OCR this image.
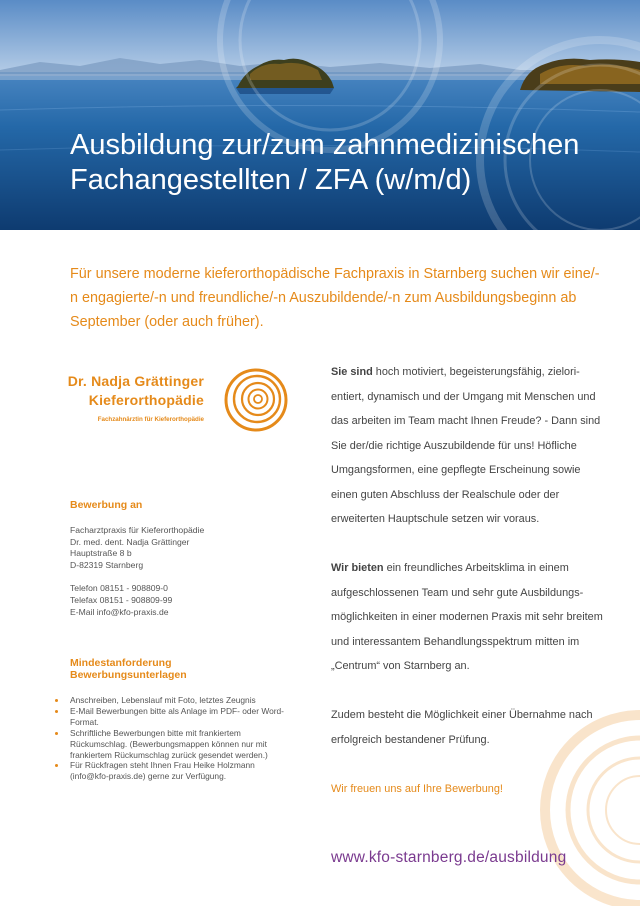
Ausbildung zur/zum zahnmedizinischen
Fachangestellten / ZFA (w/m/d)

Für unsere moderne kieferorthopädische Fachpraxis in Starnberg suchen wir eine/-n engagierte/-n und freundliche/-n Auszubildende/-n zum Ausbildungsbeginn ab September (oder auch früher).

Dr. Nadja Grättinger
Kieferorthopädie
Fachzahnärztin für Kieferorthopädie
Bewerbung an
Facharztpraxis für Kieferorthopädie
Dr. med. dent. Nadja Grättinger
Hauptstraße 8 b
D-82319 Starnberg
Telefon 08151 - 908809-0
Telefax 08151 - 908809-99
E-Mail info@kfo-praxis.de
Mindestanforderung
Bewerbungsunterlagen
Anschreiben, Lebenslauf mit Foto, letztes Zeugnis
E-Mail Bewerbungen bitte als Anlage im PDF- oder Word-Format.
Schriftliche Bewerbungen bitte mit frankiertem Rückumschlag. (Bewerbungsmappen können nur mit frankiertem Rückumschlag zurück gesendet werden.)
Für Rückfragen steht Ihnen Frau Heike Holzmann (info@kfo-praxis.de) gerne zur Verfügung.

Sie sind hoch motiviert, begeisterungsfähig, zielorientiert, dynamisch und der Umgang mit Menschen und das arbeiten im Team macht Ihnen Freude? - Dann sind Sie der/die richtige Auszubildende für uns! Höfliche Umgangsformen, eine gepflegte Erscheinung sowie einen guten Abschluss der Realschule oder der erweiterten Hauptschule setzen wir voraus.

Wir bieten ein freundliches Arbeitsklima in einem aufgeschlossenen Team und sehr gute Ausbildungsmöglichkeiten in einer modernen Praxis mit sehr breitem und interessantem Behandlungsspektrum mitten im „Centrum“ von Starnberg an.

Zudem besteht die Möglichkeit einer Übernahme nach erfolgreich bestandener Prüfung.

Wir freuen uns auf Ihre Bewerbung!

www.kfo-starnberg.de/ausbildung
